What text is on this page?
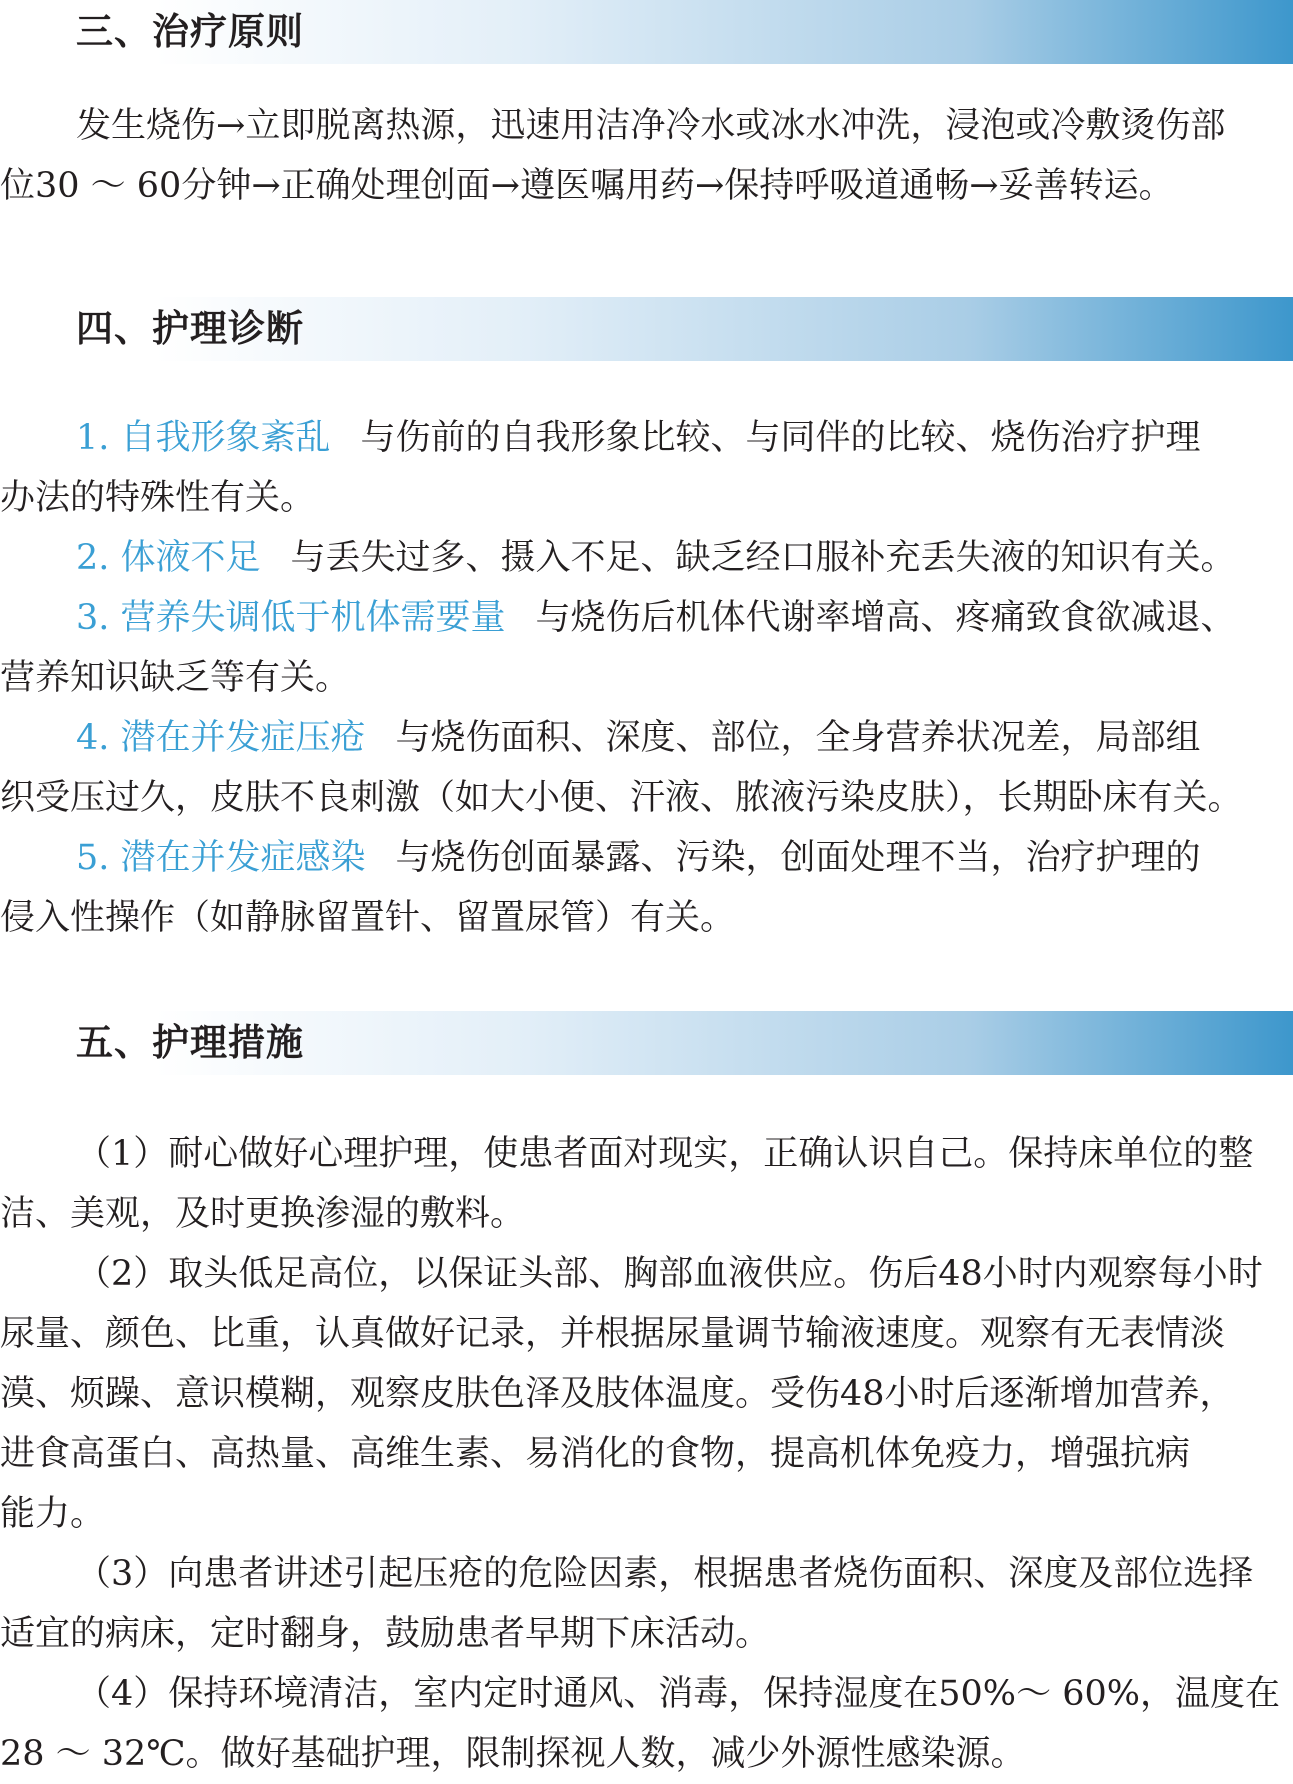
三、治疗原则
发生烧伤→立即脱离热源，迅速用洁净冷水或冰水冲洗，浸泡或冷敷烫伤部
位30 ～ 60分钟→正确处理创面→遵医嘱用药→保持呼吸道通畅→妥善转运。
四、护理诊断
1. 自我形象紊乱 与伤前的自我形象比较、与同伴的比较、烧伤治疗护理
办法的特殊性有关。
2. 体液不足 与丢失过多、摄入不足、缺乏经口服补充丢失液的知识有关。
3. 营养失调低于机体需要量 与烧伤后机体代谢率增高、疼痛致食欲减退、
营养知识缺乏等有关。
4. 潜在并发症压疮 与烧伤面积、深度、部位，全身营养状况差，局部组
织受压过久，皮肤不良刺激（如大小便、汗液、脓液污染皮肤），长期卧床有关。
5. 潜在并发症感染 与烧伤创面暴露、污染，创面处理不当，治疗护理的
侵入性操作（如静脉留置针、留置尿管）有关。
五、护理措施
（1）耐心做好心理护理，使患者面对现实，正确认识自己。保持床单位的整
洁、美观，及时更换渗湿的敷料。
（2）取头低足高位，以保证头部、胸部血液供应。伤后48小时内观察每小时
尿量、颜色、比重，认真做好记录，并根据尿量调节输液速度。观察有无表情淡
漠、烦躁、意识模糊，观察皮肤色泽及肢体温度。受伤48小时后逐渐增加营养，
进食高蛋白、高热量、高维生素、易消化的食物，提高机体免疫力，增强抗病
能力。
（3）向患者讲述引起压疮的危险因素，根据患者烧伤面积、深度及部位选择
适宜的病床，定时翻身，鼓励患者早期下床活动。
（4）保持环境清洁，室内定时通风、消毒，保持湿度在50%～ 60%，温度在
28 ～ 32℃。做好基础护理，限制探视人数，减少外源性感染源。
